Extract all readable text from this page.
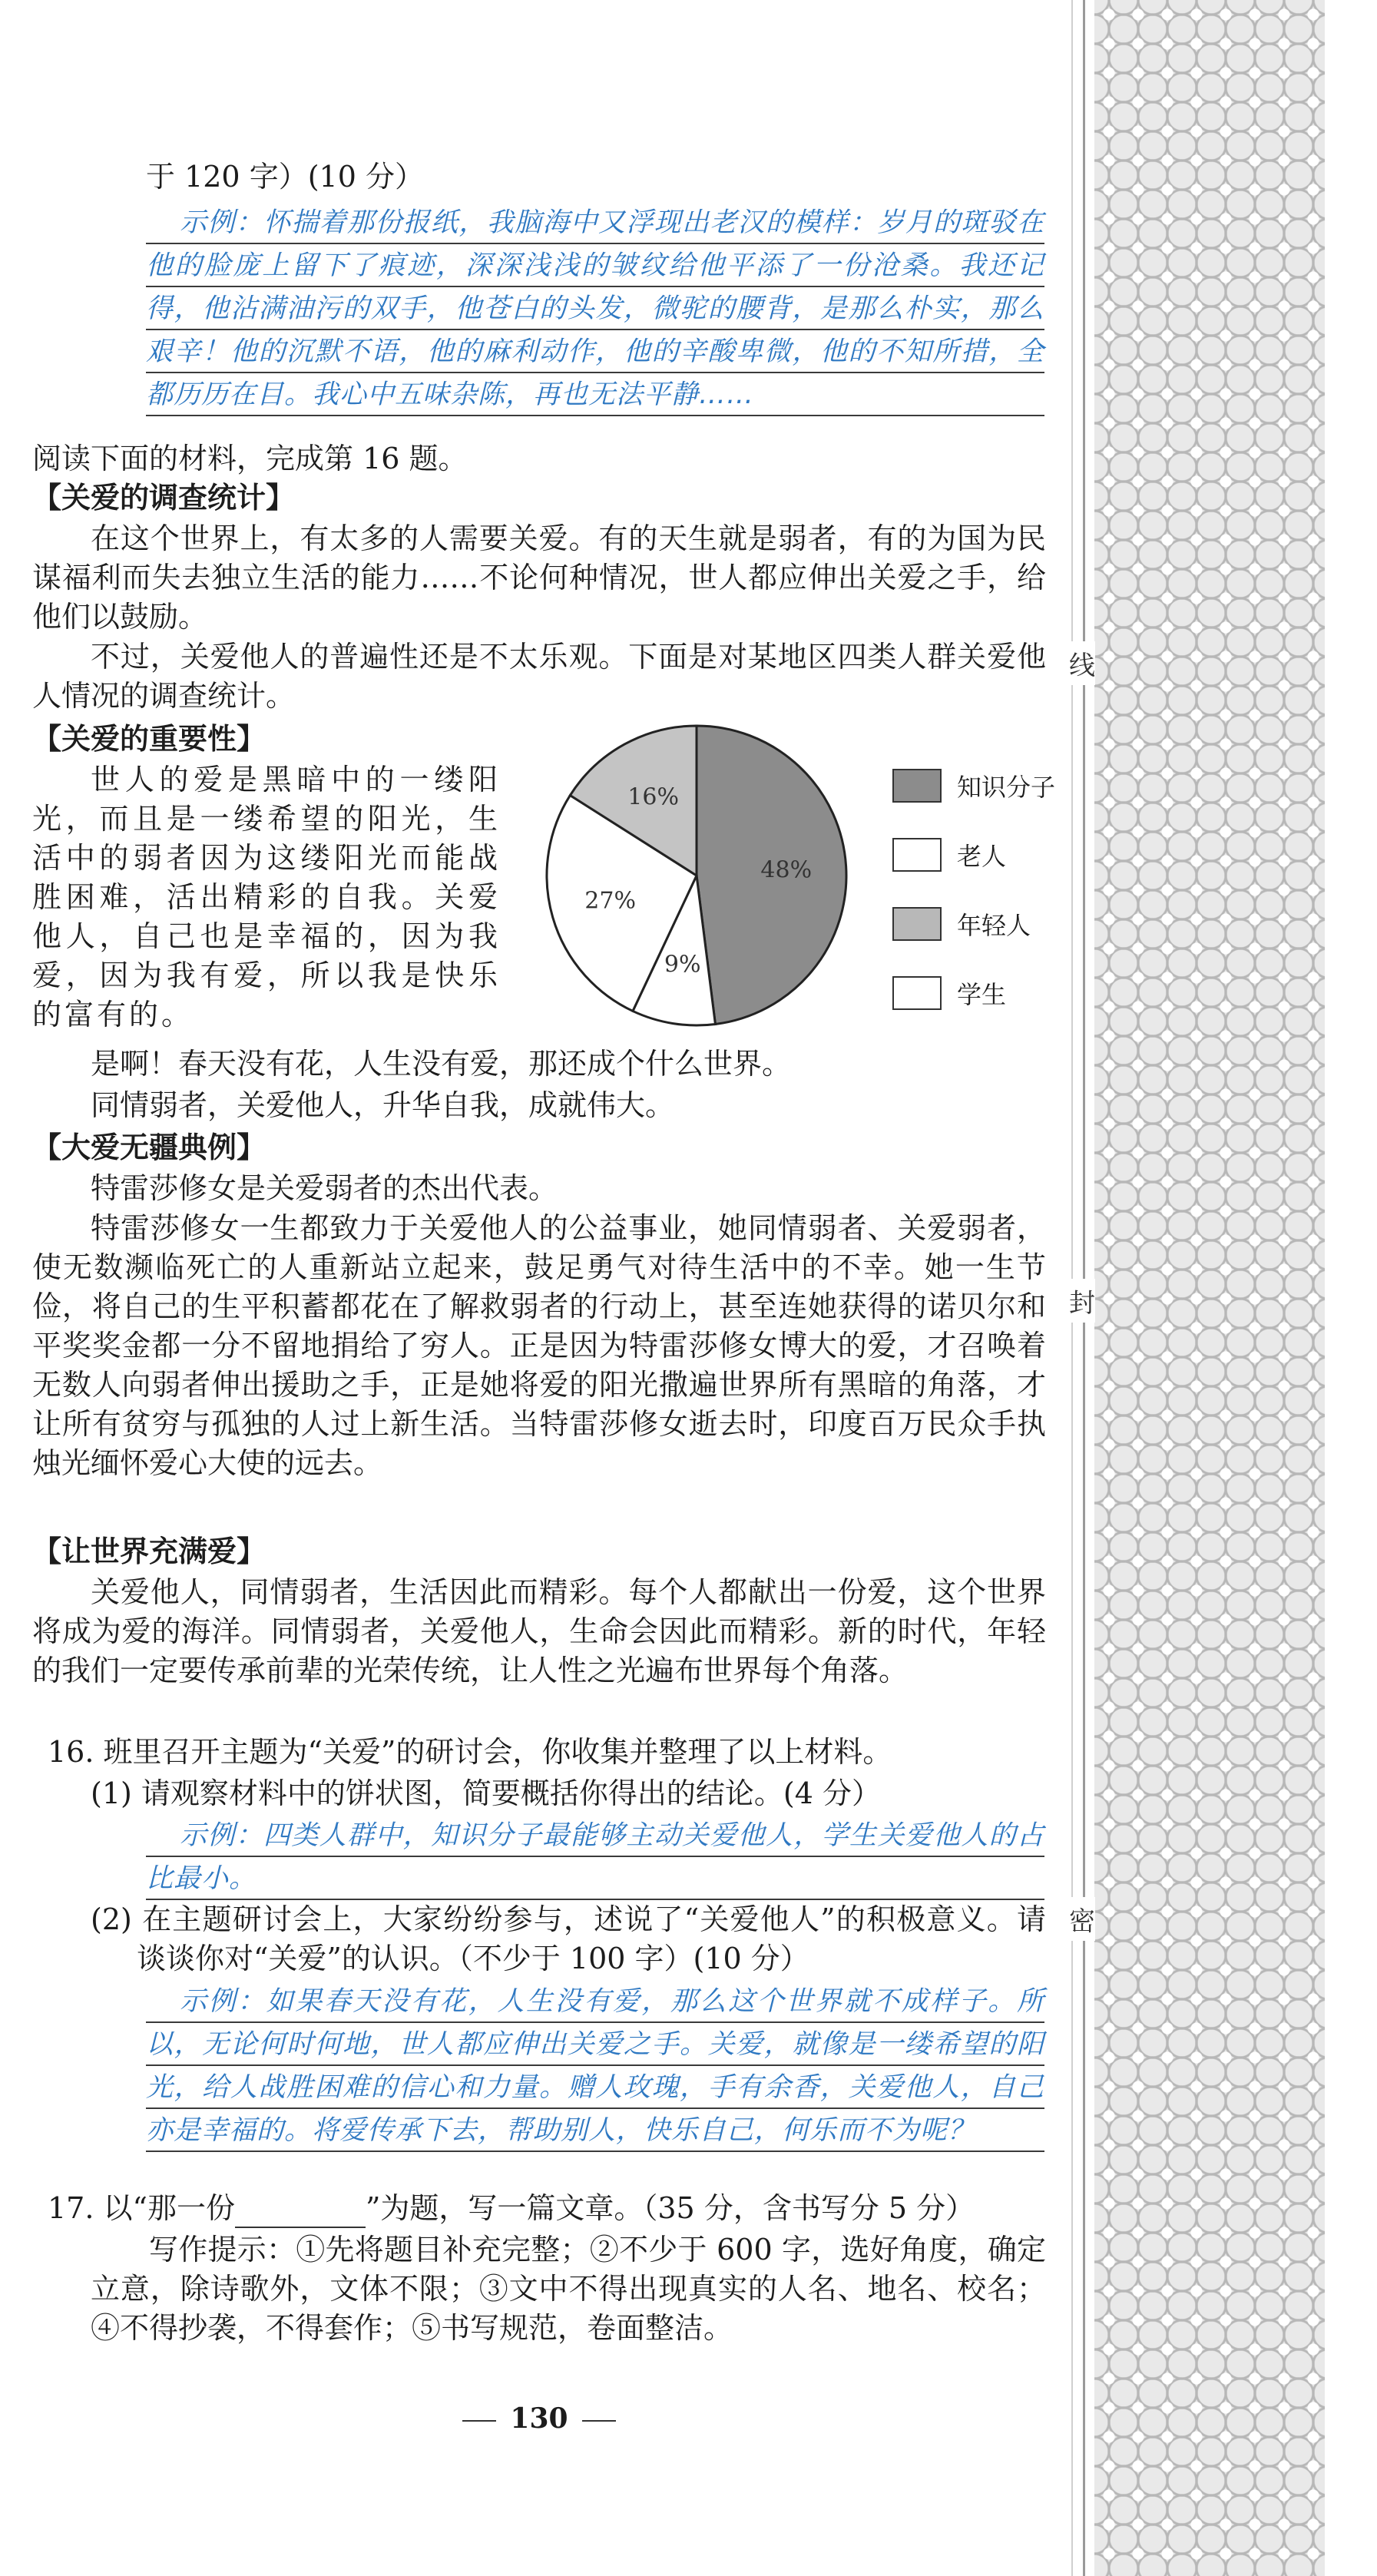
线
封
密
于 120 字）(10 分）

示例：怀揣着那份报纸，我脑海中又浮现出老汉的模样：岁月的斑驳在他的脸庞上留下了痕迹，深深浅浅的皱纹给他平添了一份沧桑。我还记得，他沾满油污的双手，他苍白的头发，微驼的腰背，是那么朴实，那么艰辛！他的沉默不语，他的麻利动作，他的辛酸卑微，他的不知所措，全都历历在目。我心中五味杂陈，再也无法平静……

阅读下面的材料，完成第 16 题。
【关爱的调查统计】

在这个世界上，有太多的人需要关爱。有的天生就是弱者，有的为国为民谋福利而失去独立生活的能力……不论何种情况，世人都应伸出关爱之手，给他们以鼓励。

不过，关爱他人的普遍性还是不太乐观。下面是对某地区四类人群关爱他人情况的调查统计。

【关爱的重要性】

世人的爱是黑暗中的一缕阳光，而且是一缕希望的阳光，生活中的弱者因为这缕阳光而能战胜困难，活出精彩的自我。关爱他人，自己也是幸福的，因为我爱，因为我有爱，所以我是快乐的富有的。

48%
9%
27%
16%	知识分子
老人
年轻人
学生

是啊！春天没有花，人生没有爱，那还成个什么世界。

同情弱者，关爱他人，升华自我，成就伟大。

【大爱无疆典例】

特雷莎修女是关爱弱者的杰出代表。

特雷莎修女一生都致力于关爱他人的公益事业，她同情弱者、关爱弱者，使无数濒临死亡的人重新站立起来，鼓足勇气对待生活中的不幸。她一生节俭，将自己的生平积蓄都花在了解救弱者的行动上，甚至连她获得的诺贝尔和平奖奖金都一分不留地捐给了穷人。正是因为特雷莎修女博大的爱，才召唤着无数人向弱者伸出援助之手，正是她将爱的阳光撒遍世界所有黑暗的角落，才让所有贫穷与孤独的人过上新生活。当特雷莎修女逝去时，印度百万民众手执烛光缅怀爱心大使的远去。

【让世界充满爱】

关爱他人，同情弱者，生活因此而精彩。每个人都献出一份爱，这个世界将成为爱的海洋。同情弱者，关爱他人，生命会因此而精彩。新的时代，年轻的我们一定要传承前辈的光荣传统，让人性之光遍布世界每个角落。

16. 班里召开主题为“关爱”的研讨会，你收集并整理了以上材料。
(1) 请观察材料中的饼状图，简要概括你得出的结论。(4 分）

示例：四类人群中，知识分子最能够主动关爱他人，学生关爱他人的占比最小。

(2) 在主题研讨会上，大家纷纷参与，述说了“关爱他人”的积极意义。请谈谈你对“关爱”的认识。（不少于 100 字）(10 分）

示例：如果春天没有花，人生没有爱，那么这个世界就不成样子。所以，无论何时何地，世人都应伸出关爱之手。关爱，就像是一缕希望的阳光，给人战胜困难的信心和力量。赠人玫瑰，手有余香，关爱他人，自己亦是幸福的。将爱传承下去，帮助别人，快乐自己，何乐而不为呢？

17. 以“那一份	”为题，写一篇文章。（35 分，含书写分 5 分）

写作提示：①先将题目补充完整；②不少于 600 字，选好角度，确定立意，除诗歌外，文体不限；③文中不得出现真实的人名、地名、校名；④不得抄袭，不得套作；⑤书写规范，卷面整洁。

130
